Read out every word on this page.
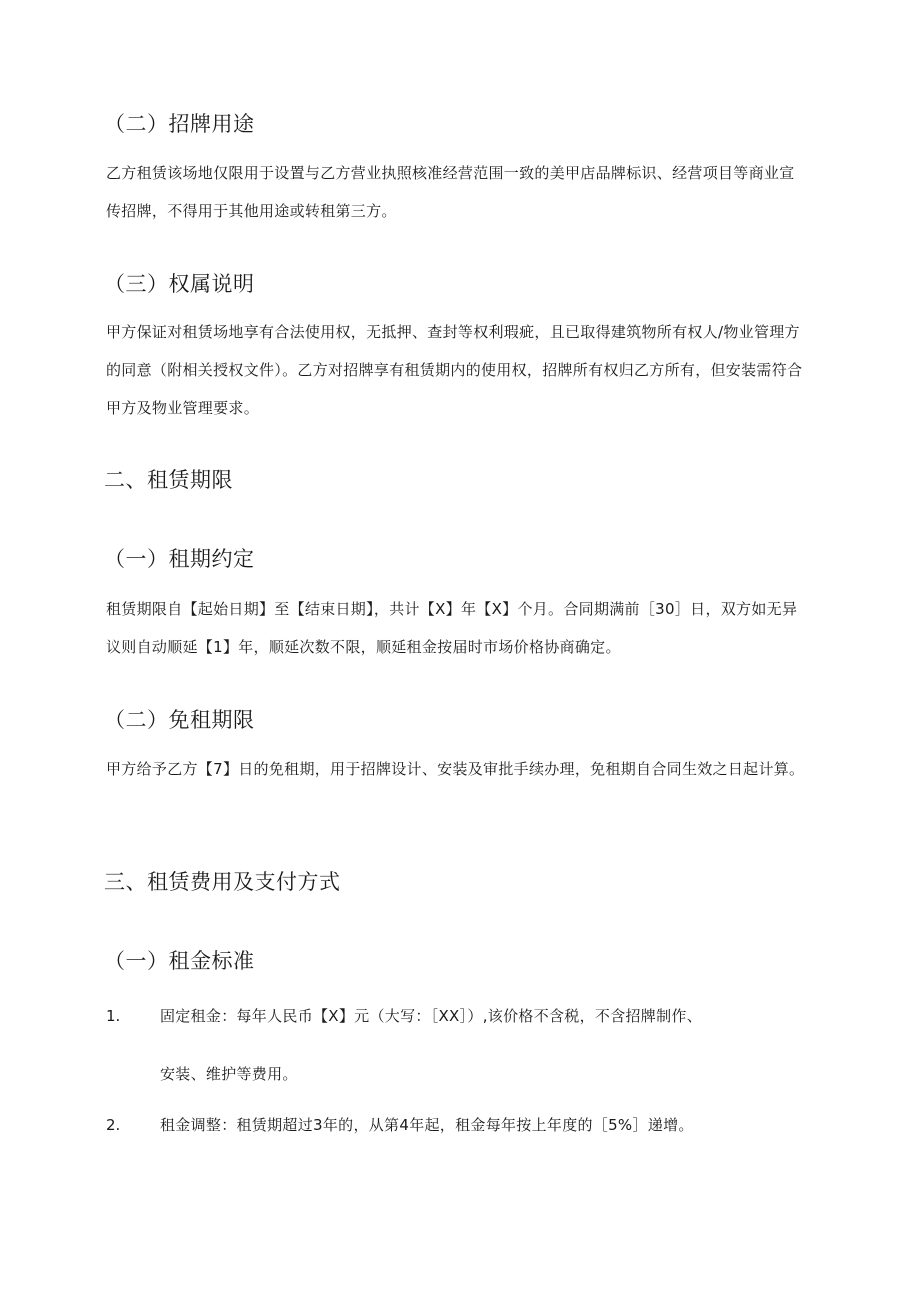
（二）招牌用途
乙方租赁该场地仅限用于设置与乙方营业执照核准经营范围一致的美甲店品牌标识、经营项目等商业宣传招牌，不得用于其他用途或转租第三方。
（三）权属说明
甲方保证对租赁场地享有合法使用权，无抵押、查封等权利瑕疵，且已取得建筑物所有权人/物业管理方的同意（附相关授权文件）。乙方对招牌享有租赁期内的使用权，招牌所有权归乙方所有，但安装需符合甲方及物业管理要求。
二、租赁期限
（一）租期约定
租赁期限自【起始日期】至【结束日期】，共计【X】年【X】个月。合同期满前［30］日，双方如无异议则自动顺延【1】年，顺延次数不限，顺延租金按届时市场价格协商确定。
（二）免租期限
甲方给予乙方【7】日的免租期，用于招牌设计、安装及审批手续办理，免租期自合同生效之日起计算。
三、租赁费用及支付方式
（一）租金标准
1.	固定租金：每年人民币【X】元（大写：［XX］）,该价格不含税，不含招牌制作、
安装、维护等费用。
2.	租金调整：租赁期超过3年的，从第4年起，租金每年按上年度的［5%］递增。
